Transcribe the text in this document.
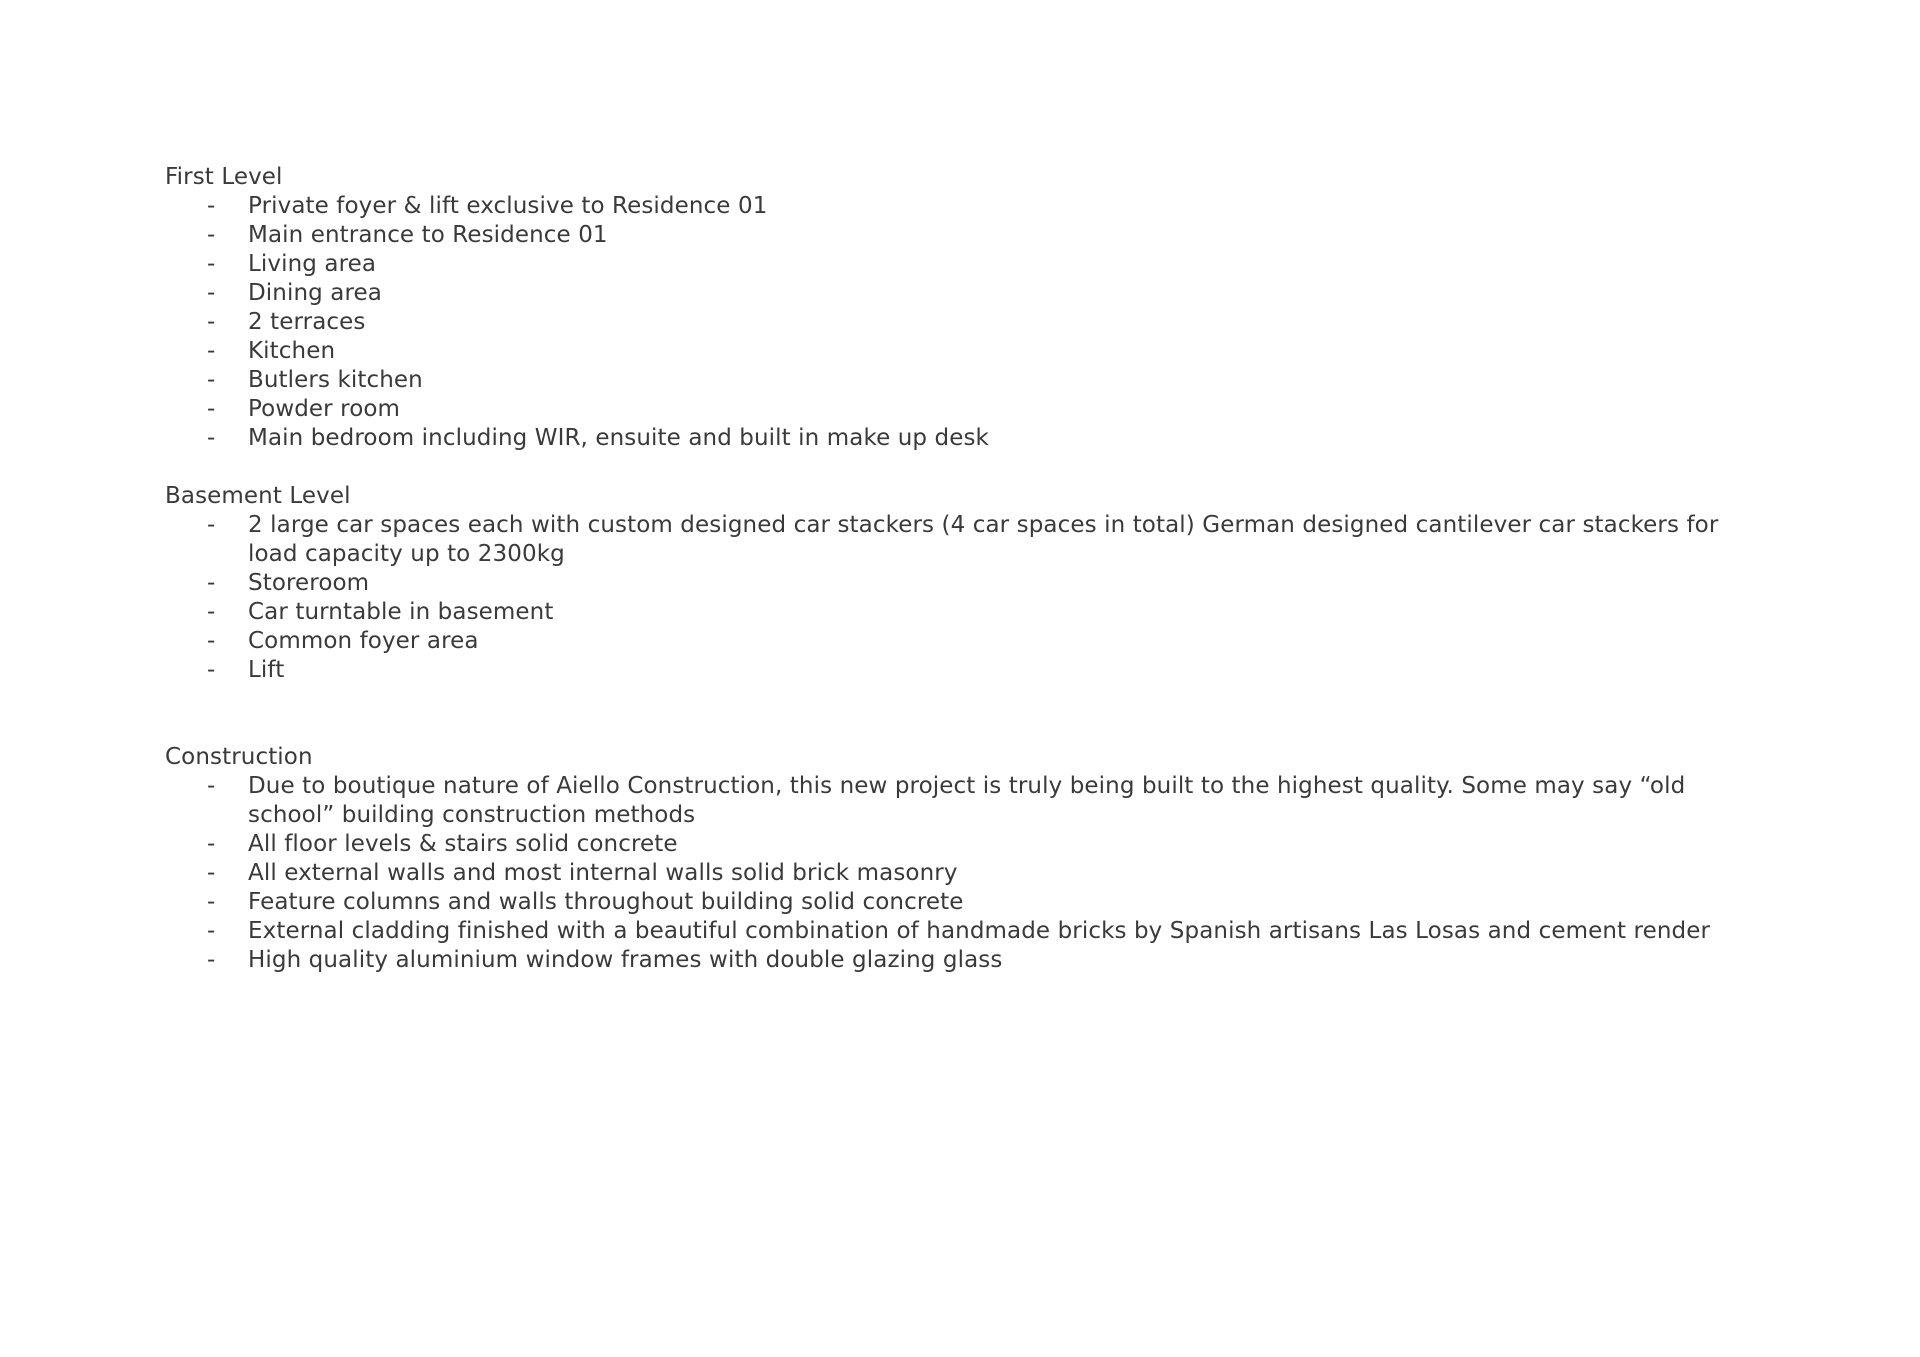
First Level
- Private foyer & lift exclusive to Residence 01
- Main entrance to Residence 01
- Living area
- Dining area
- 2 terraces
- Kitchen
- Butlers kitchen
- Powder room
- Main bedroom including WIR, ensuite and built in make up desk
Basement Level
- 2 large car spaces each with custom designed car stackers (4 car spaces in total) German designed cantilever car stackers for load capacity up to 2300kg
- Storeroom
- Car turntable in basement
- Common foyer area
- Lift
Construction
- Due to boutique nature of Aiello Construction, this new project is truly being built to the highest quality. Some may say “old school” building construction methods
- All floor levels & stairs solid concrete
- All external walls and most internal walls solid brick masonry
- Feature columns and walls throughout building solid concrete
- External cladding finished with a beautiful combination of handmade bricks by Spanish artisans Las Losas and cement render
- High quality aluminium window frames with double glazing glass
